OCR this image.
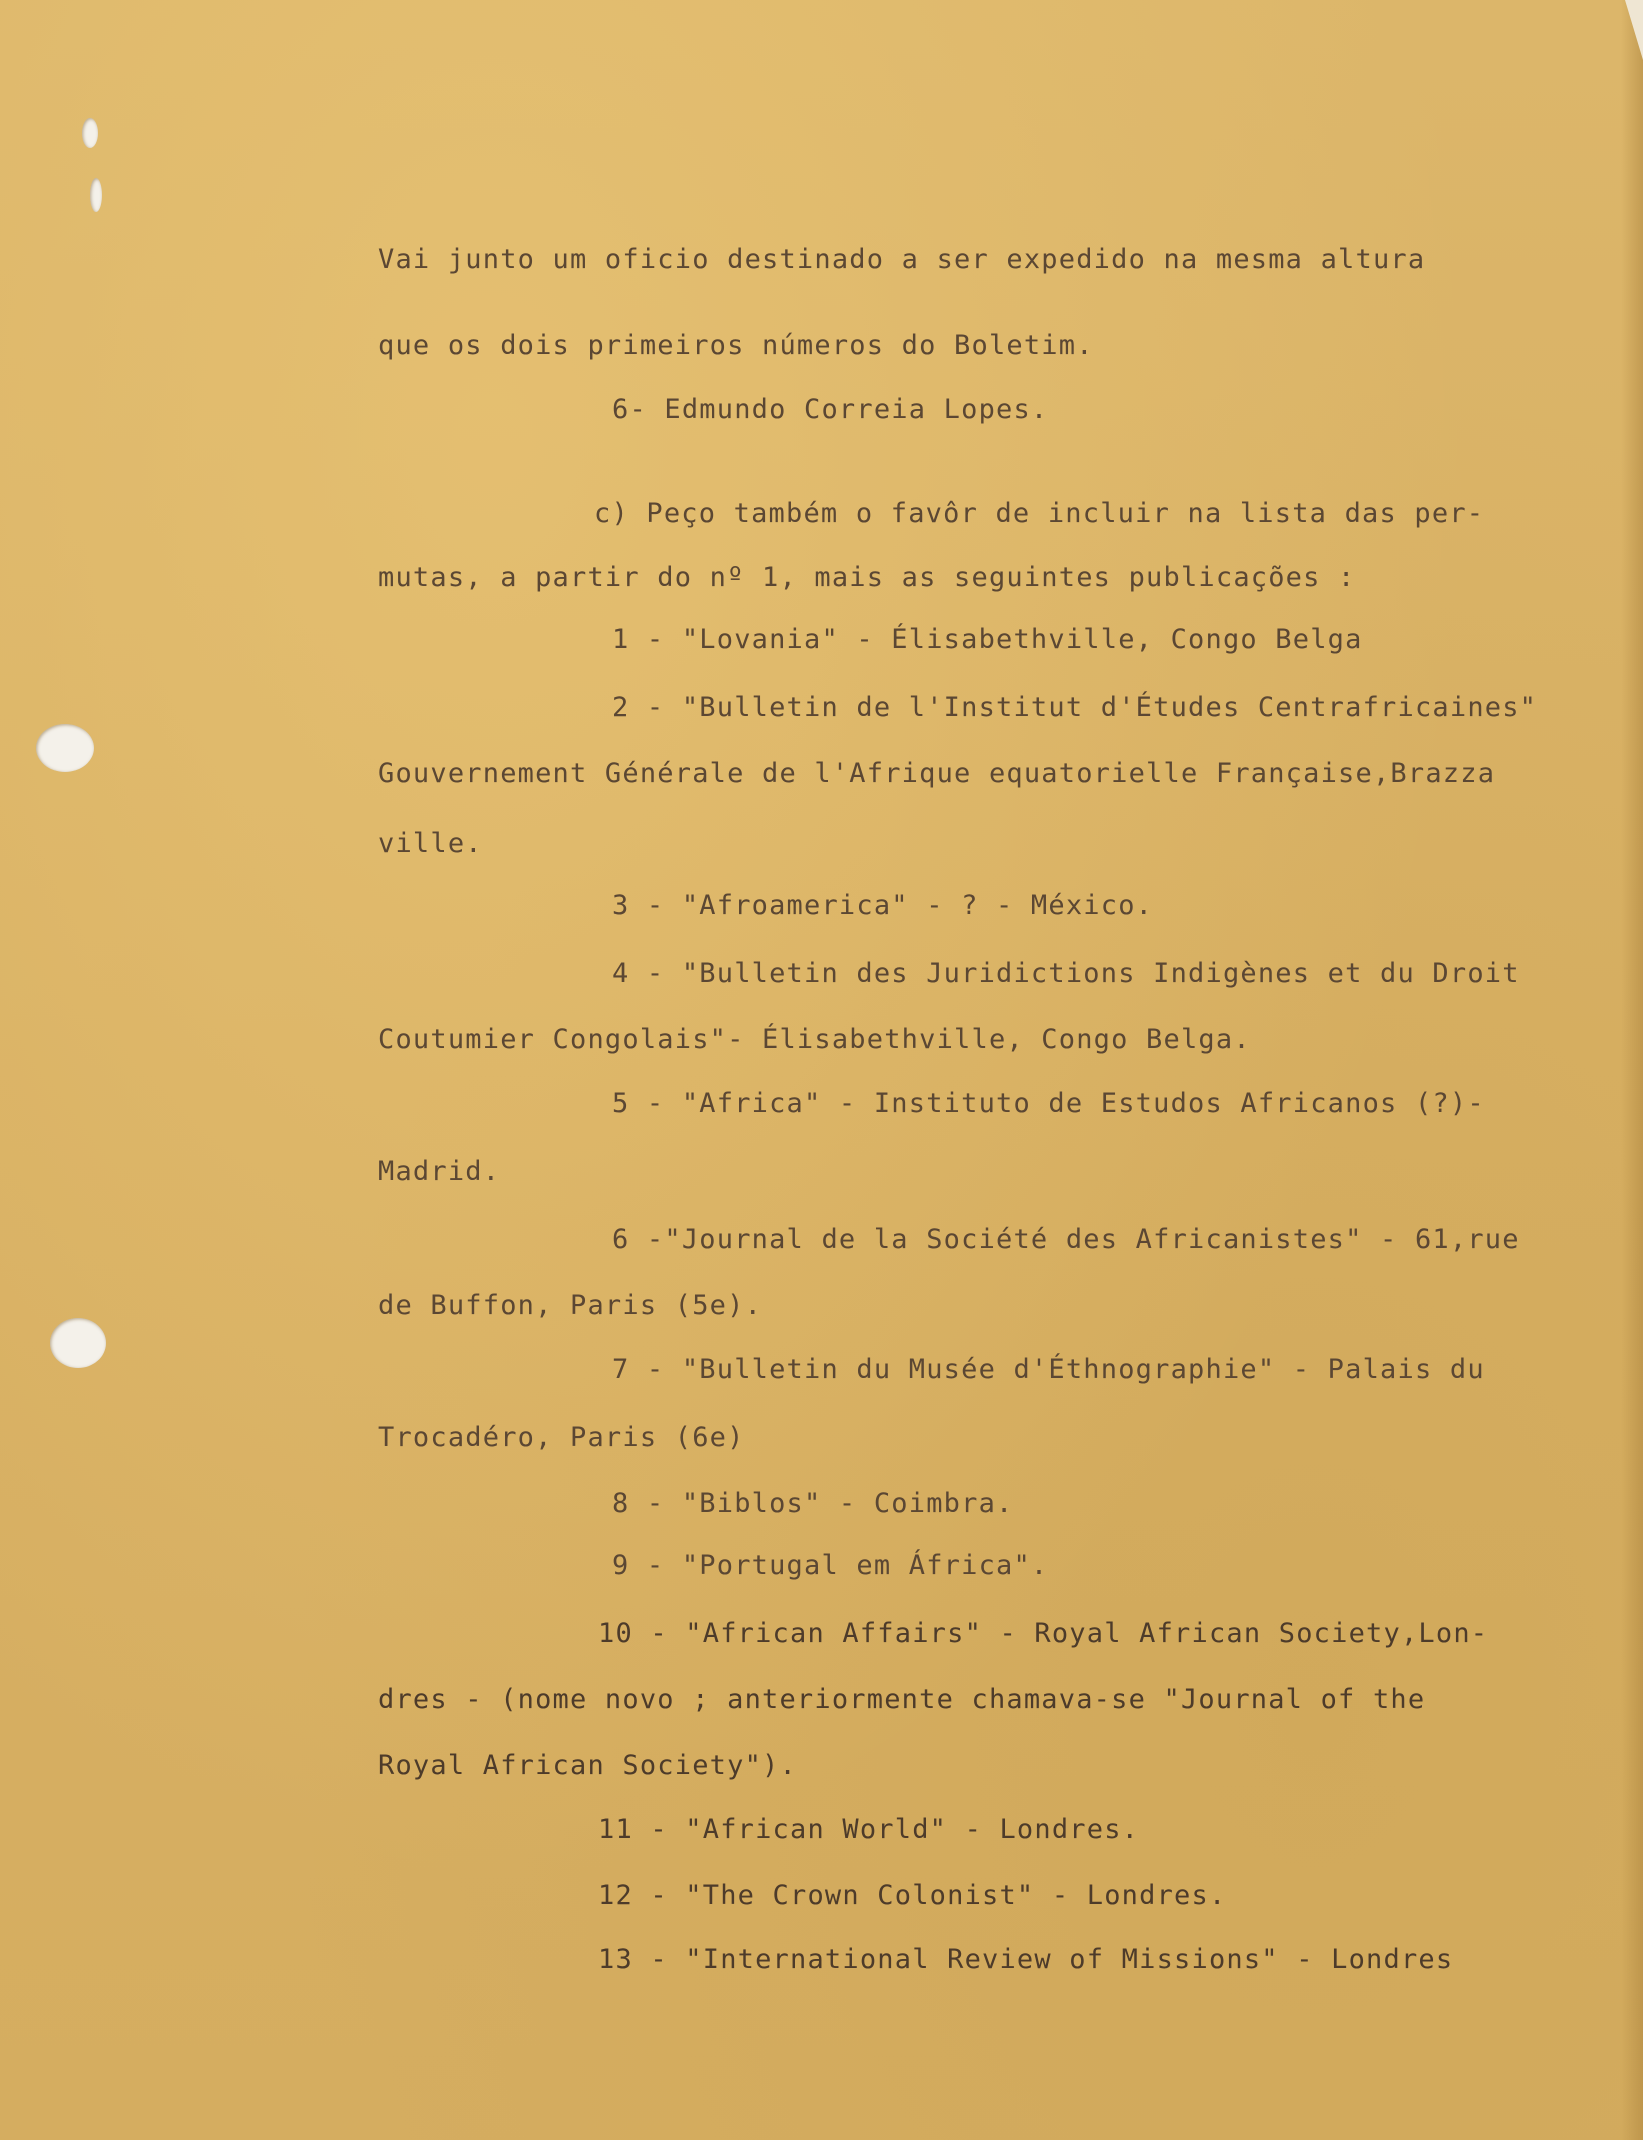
Vai junto um oficio destinado a ser expedido na mesma altura
que os dois primeiros números do Boletim.
6- Edmundo Correia Lopes.
c) Peço também o favôr de incluir na lista das per-
mutas, a partir do nº 1, mais as seguintes publicações :
1 - "Lovania" - Élisabethville, Congo Belga
2 - "Bulletin de l'Institut d'Études Centrafricaines"
Gouvernement Générale de l'Afrique equatorielle Française,Brazza
ville.
3 - "Afroamerica" - ? - México.
4 - "Bulletin des Juridictions Indigènes et du Droit
Coutumier Congolais"- Élisabethville, Congo Belga.
5 - "Africa" - Instituto de Estudos Africanos (?)-
Madrid.
6 -"Journal de la Société des Africanistes" - 61,rue
de Buffon, Paris (5e).
7 - "Bulletin du Musée d'Éthnographie" - Palais du
Trocadéro, Paris (6e)
8 - "Biblos" - Coimbra.
9 - "Portugal em África".
10 - "African Affairs" - Royal African Society,Lon-
dres - (nome novo ; anteriormente chamava-se "Journal of the
Royal African Society").
11 - "African World" - Londres.
12 - "The Crown Colonist" - Londres.
13 - "International Review of Missions" - Londres
